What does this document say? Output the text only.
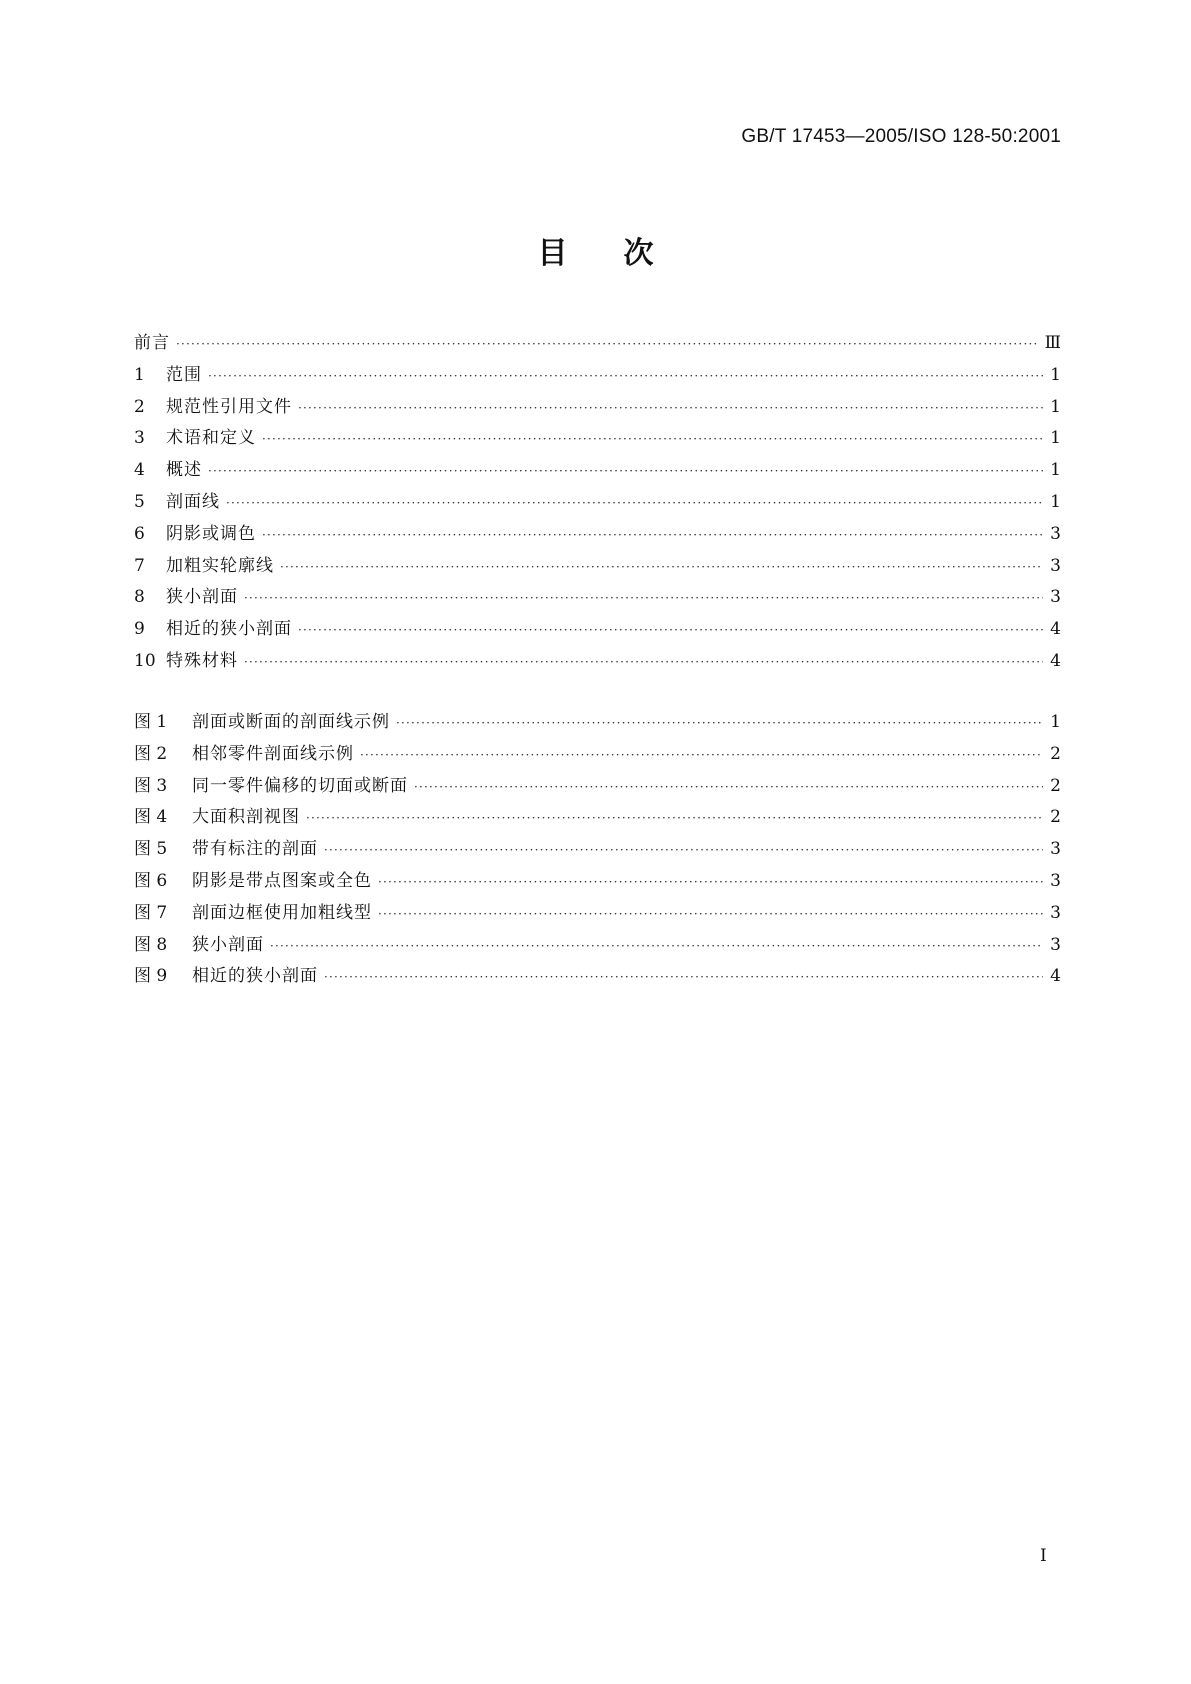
GB/T 17453—2005/ISO 128-50:2001
目 次
前言 ·····	Ⅲ
1	范围 ·····	1
2	规范性引用文件 ·····	1
3	术语和定义 ·····	1
4	概述 ·····	1
5	剖面线 ·····	1
6	阴影或调色 ·····	3
7	加粗实轮廓线 ·····	3
8	狭小剖面 ·····	3
9	相近的狭小剖面 ·····	4
10 特殊材料 ·····	4
图 1	剖面或断面的剖面线示例 ·····	1
图 2	相邻零件剖面线示例 ·····	2
图 3	同一零件偏移的切面或断面 ·····	2
图 4	大面积剖视图 ·····	2
图 5	带有标注的剖面 ·····	3
图 6	阴影是带点图案或全色 ·····	3
图 7	剖面边框使用加粗线型 ·····	3
图 8	狭小剖面 ·····	3
图 9	相近的狭小剖面 ·····	4
I
